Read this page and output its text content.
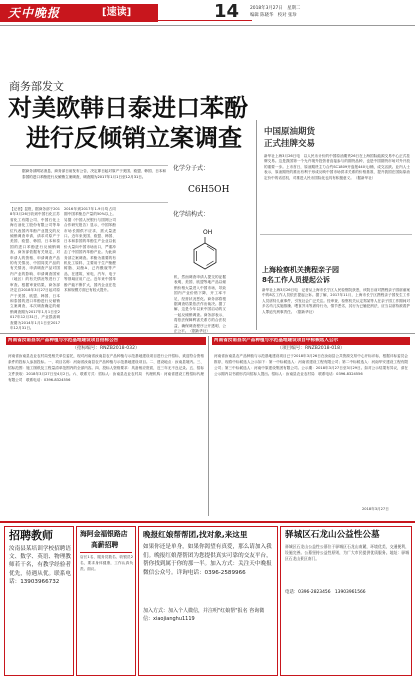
天中晚报	[速读]	14 2018年3月27日　星期二
编辑 陈晓华　校对 张珍
商务部发文
对美欧韩日泰进口苯酚
进行反倾销立案调查
据商务部网站消息，商务部日前发布公告，决定即日起对原产于美国、欧盟、韩国、日本和泰国的进口苯酚进行反倾销立案调查，调查期为2017年1月1日至12月31日。
化学分子式：
C6H5OH
化学结构式：
OH
【记者】昆报，据商务部于2018年3月26日收到中国石化江苏省化工有限公司、中国石化上海石油化工股份有限公司等单位代表国内苯酚产业提交的反倾销调查申请，请求对原产于美国、欧盟、韩国、日本和泰国的进口苯酚进行反倾销调查。商务部依据有关规定，对申请人的资格、申请调查产品的有关情况、中国同类产品的有关情况、申请调查产品对国内产业的影响、申请调查国家（地区）的有关情况等进行了审查。根据审查结果，商务部决定自2018年3月27日起对原产于美国、欧盟、韩国、日本和泰国的进口苯酚进行反倾销立案调查，本次调查确定的倾销调查期为2017年1月1日至2017年12月31日，产业损害调查期为2014年1月1日至2017年12月31日。
2016年到2017年1-9月均占同期中国苯酚总产量的50%以上。另据《中国人民银行与国网公司合作研究报告》显示，中国苯酚市场长期供不应求，需大量进口。近年来美国、欧盟、韩国、日本和泰国的苯酚生产企业以低价大量向中国市场出口，严重冲击了中国国内苯酚产业。为此商务部立案调查。苯酚为重要的有机化工原料，主要用于生产酚醛树脂、双酚A、己内酰胺等产品，在建筑、家电、汽车、电子等领域应用广泛。近年来中国苯酚产能不断扩大，国内企业在技术和规模方面已有较大提升。
机，然而调查申请人提交的证据表明，美国、欧盟等地产品以倾销价格大量进入中国市场，导致国内产业价格下降，开工率不足，经营状况恶化。商务部将根据调查结果依法作出裁决。据了解，这是今年以来中国启动的又一起反倾销调查。商务部表示，将依法保障利害关系方的合法权益，确保调查程序公开透明、公正公平。（据新华社）
中国原油期货
正式挂牌交易
新华社上海3月26日电　以人民币计价的中国原油期货26日在上海国际能源交易中心正式挂牌交易。这是我国第一个允许境外投资者直接参与的期货品种，也是中国期货市场对外开放的重要一步。上市首日，原油期货主力合约SC1809开盘报440元/桶，成交活跃。业内人士表示，原油期货的推出有利于形成反映中国市场供求关系的价格基准，提升我国在国际原油定价中的话语权，对推进人民币国际化也具有积极意义。（据新华社）
上海检察机关携程亲子园
8名工作人员提起公诉
新华社上海3月26日电　记者从上海市长宁区人民检察院获悉，该院日前对携程亲子园虐童案中的8名工作人员依法提起公诉。据了解，2017年11月，上海市长宁区携程亲子园发生工作人员虐待儿童事件，引发社会广泛关注。经审查，检察机关认定郑某等人在亲子园工作期间对多名幼儿实施推搡、喂食芥末等虐待行为，情节恶劣，其行为已触犯刑法，应当以虐待被看护人罪追究刑事责任。（据新华社）
河南省汝南县农产品种植与示范基地建设项目招标公告
（招标编号：RNZB2018-032）
河南省汝南县农业农村局受相关单位委托，现对河南省汝南县农产品种植与示范基地建设项目进行公开招标，欢迎符合资格条件的投标人参加投标。一、项目名称：河南省汝南县农产品种植与示范基地建设项目。二、建设地点：汝南县境内。三、招标范围：施工图纸及工程量清单范围内的全部内容。四、投标人资格要求：具备相应资质，近三年无不良记录。五、招标文件获取：2018年3月27日至4月2日。六、联系方式：招标人：汝南县农业农村局　代理机构：河南省建设工程招标代理有限公司　联系电话：0396-8324556
河南省汝南县农产品种植与示范基地建设项目中标候选人公示
（项目编号：RNZB2018-018）
河南省汝南县农产品种植与示范基地建设项目已于2018年3月26日在汝南县公共资源交易中心开标评标，根据评标委员会推荐，现将中标候选人公示如下：第一中标候选人：河南省建设工程有限公司；第二中标候选人：河南华安建设工程有限公司；第三中标候选人：河南中原建设集团有限公司。公示期：2018年3月27日至3月29日。如对公示结果有异议，请在公示期内以书面形式向招标人提出。招标人：汝南县农业农村局　联系电话：0396-8324556
2018年3月27日
招聘教师
汝南县某培训学校招聘语文、数学、英语、物理教师若干名，有教学经验者优先，待遇从优。联系电话：13903966732
海阿金福银路店
高薪招聘
店长1名、服务员数名、收银员2名，要求身体健康，工作认真负责。面议。
晚报红娘帮帮团,找对象,来这里
如果你还是单身，如果你渴望有真爱，那么请加入我们。晚报红娘帮帮团为您提供真实可靠的交友平台，帮你找到属于你的那一半。加入方式：关注天中晚报微信公众号。详询电话：0396-2589966
加入方式：加入个人微信，并注明"红娘帮"报名 咨询微信：xiaojianghu1119
驿城区石龙山公益性公墓
驿城区石龙山公益性公墓位于驿城区石龙山南麓，环境优美，交通便利，设施完善。公墓坚持公益性原则，为广大市民提供优质服务。地址：驿城区石龙山景区南门。
电话：0396-2823456　13903961566
